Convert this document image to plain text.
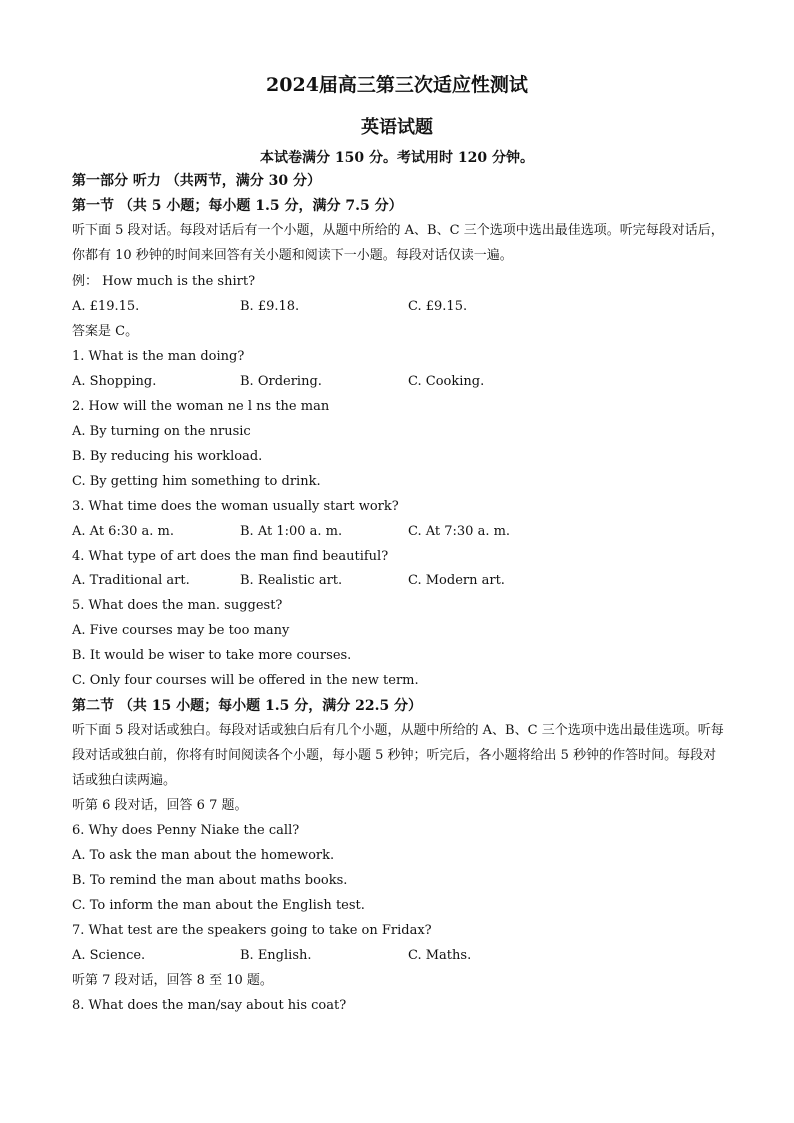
2024届高三第三次适应性测试
英语试题
本试卷满分 150 分。考试用时 120 分钟。
第一部分 听力 （共两节，满分 30 分）
第一节 （共 5 小题；每小题 1.5 分，满分 7.5 分）
听下面 5 段对话。每段对话后有一个小题，从题中所给的 A、B、C 三个选项中选出最佳选项。听完每段对话后，你都有 10 秒钟的时间来回答有关小题和阅读下一小题。每段对话仅读一遍。
例： How much is the shirt?
A. £19.15.	B. £9.18.	C. £9.15.
答案是 C。
1. What is the man doing?
A. Shopping.	B. Ordering.	C. Cooking.
2. How will the woman ne l ns the man
A. By turning on the nrusic
B. By reducing his workload.
C. By getting him something to drink.
3. What time does the woman usually start work?
A. At 6:30 a. m.	B. At 1:00 a. m.	C. At 7:30 a. m.
4. What type of art does the man find beautiful?
A. Traditional art.	B. Realistic art.	C. Modern art.
5. What does the man. suggest?
A. Five courses may be too many
B. It would be wiser to take more courses.
C. Only four courses will be offered in the new term.
第二节 （共 15 小题；每小题 1.5 分，满分 22.5 分）
听下面 5 段对话或独白。每段对话或独白后有几个小题，从题中所给的 A、B、C 三个选项中选出最佳选项。听每段对话或独白前，你将有时间阅读各个小题，每小题 5 秒钟；听完后，各小题将给出 5 秒钟的作答时间。每段对话或独白读两遍。
听第 6 段对话，回答 6 7 题。
6. Why does Penny Niake the call?
A. To ask the man about the homework.
B. To remind the man about maths books.
C. To inform the man about the English test.
7. What test are the speakers going to take on Fridax?
A. Science.	B. English.	C. Maths.
听第 7 段对话，回答 8 至 10 题。
8. What does the man/say about his coat?
